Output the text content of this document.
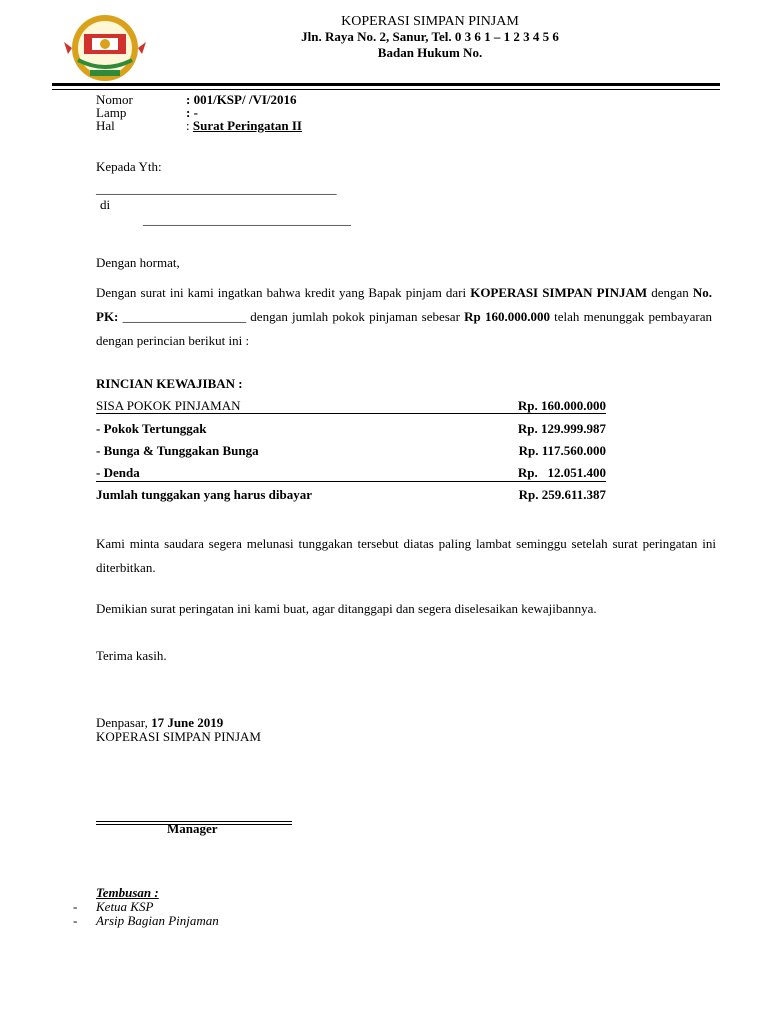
KOPERASI SIMPAN PINJAM
Jln. Raya No. 2, Sanur, Tel. 0 3 6 1 – 1 2 3 4 5 6
Badan Hukum No.
Nomor	: 001/KSP/ /VI/2016
Lamp	: -
Hal	: Surat Peringatan II
Kepada Yth:
_____________________________________
di
________________________________
Dengan hormat,
Dengan surat ini kami ingatkan bahwa kredit yang Bapak pinjam dari KOPERASI SIMPAN PINJAM dengan No. PK: ___________________ dengan jumlah pokok pinjaman sebesar Rp 160.000.000 telah menunggak pembayaran dengan perincian berikut ini :
RINCIAN KEWAJIBAN :
SISA POKOK PINJAMAN	Rp. 160.000.000
- Pokok Tertunggak	Rp. 129.999.987
- Bunga & Tunggakan Bunga	Rp. 117.560.000
- Denda	Rp.   12.051.400
Jumlah tunggakan yang harus dibayar	Rp. 259.611.387
Kami minta saudara segera melunasi tunggakan tersebut diatas paling lambat seminggu setelah surat peringatan ini diterbitkan.
Demikian surat peringatan ini kami buat, agar ditanggapi dan segera diselesaikan kewajibannya.
Terima kasih.
Denpasar, 17 June 2019
KOPERASI SIMPAN PINJAM
Manager
Tembusan :
- Ketua KSP
- Arsip Bagian Pinjaman
